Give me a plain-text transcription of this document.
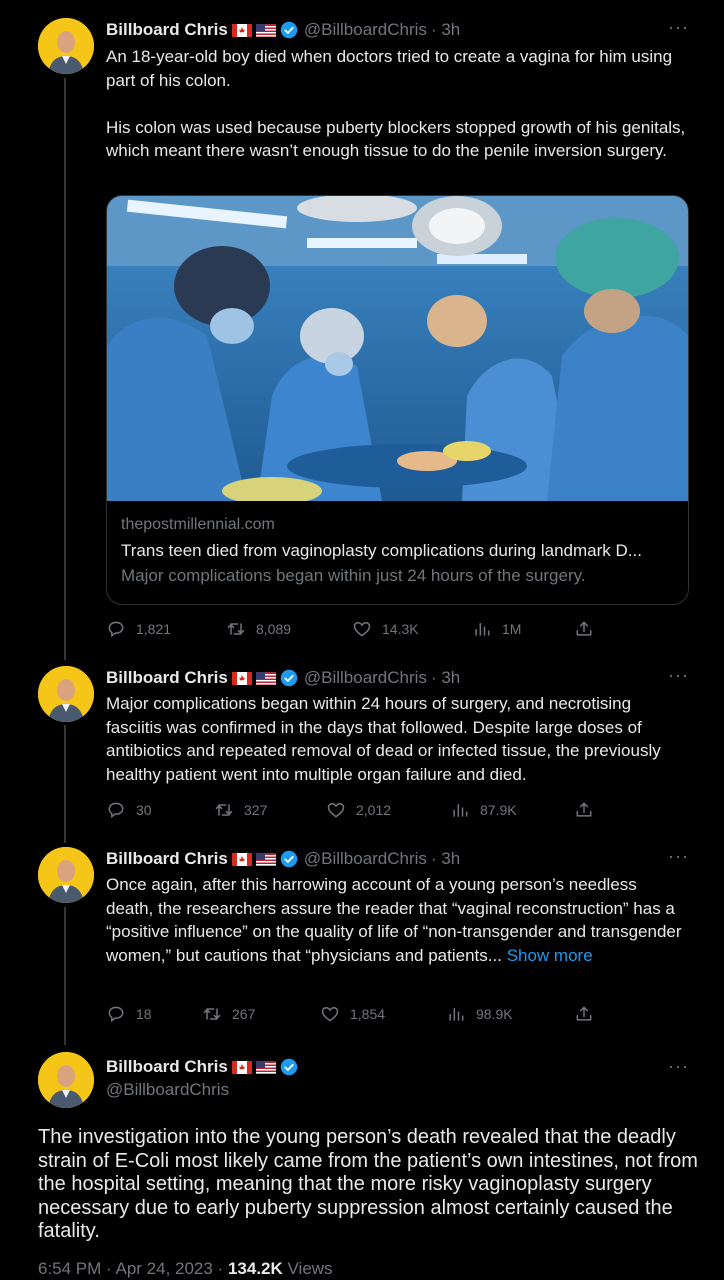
Billboard Chris	@BillboardChris · 3h	···

An 18-year-old boy died when doctors tried to create a vagina for him using part of his colon.

His colon was used because puberty blockers stopped growth of his genitals, which meant there wasn’t enough tissue to do the penile inversion surgery.

thepostmillennial.com
Trans teen died from vaginoplasty complications during landmark D...
Major complications began within just 24 hours of the surgery.
1,821	8,089	14.3K	1M
Billboard Chris	@BillboardChris · 3h	···

Major complications began within 24 hours of surgery, and necrotising fasciitis was confirmed in the days that followed. Despite large doses of antibiotics and repeated removal of dead or infected tissue, the previously healthy patient went into multiple organ failure and died.

30	327	2,012	87.9K
Billboard Chris	@BillboardChris · 3h	···

Once again, after this harrowing account of a young person’s needless death, the researchers assure the reader that “vaginal reconstruction” has a “positive influence” on the quality of life of “non-transgender and transgender women,” but cautions that “physicians and patients... Show more

18	267	1,854	98.9K
Billboard Chris
@BillboardChris
···
The investigation into the young person’s death revealed that the deadly strain of E-Coli most likely came from the patient’s own intestines, not from the hospital setting, meaning that the more risky vaginoplasty surgery necessary due to early puberty suppression almost certainly caused the fatality.
6:54 PM · Apr 24, 2023 · 134.2K Views
